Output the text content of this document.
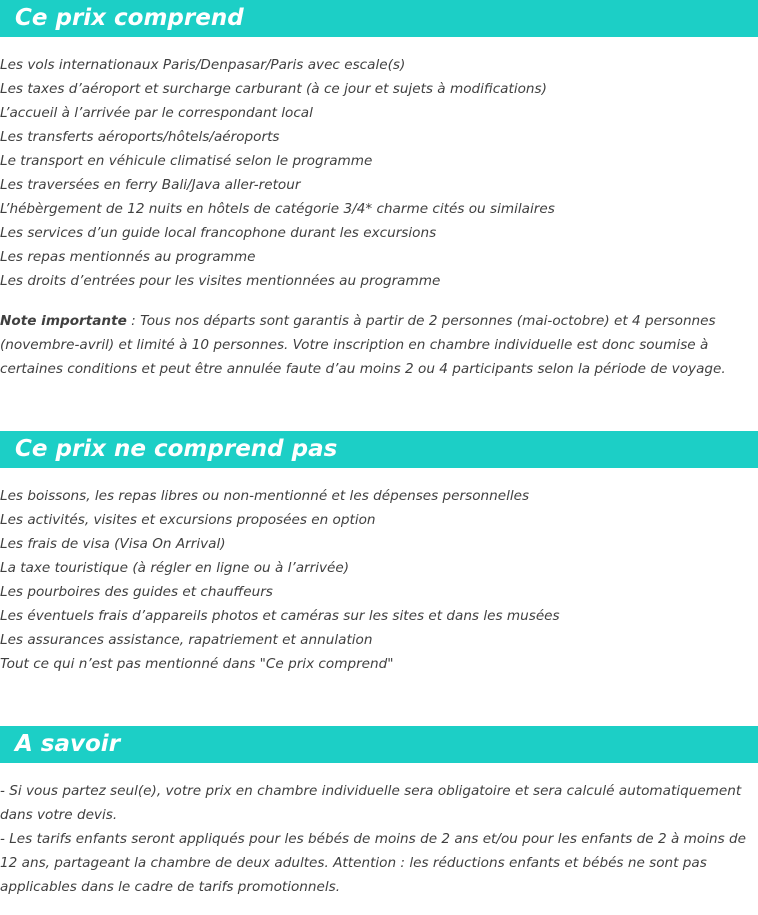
Ce prix comprend
Les vols internationaux Paris/Denpasar/Paris avec escale(s)
Les taxes d’aéroport et surcharge carburant (à ce jour et sujets à modifications)
L’accueil à l’arrivée par le correspondant local
Les transferts aéroports/hôtels/aéroports
Le transport en véhicule climatisé selon le programme
Les traversées en ferry Bali/Java aller-retour
L’hébèrgement de 12 nuits en hôtels de catégorie 3/4* charme cités ou similaires
Les services d’un guide local francophone durant les excursions
Les repas mentionnés au programme
Les droits d’entrées pour les visites mentionnées au programme

Note importante : Tous nos départs sont garantis à partir de 2 personnes (mai-octobre) et 4 personnes (novembre-avril) et limité à 10 personnes. Votre inscription en chambre individuelle est donc soumise à certaines conditions et peut être annulée faute d’au moins 2 ou 4 participants selon la période de voyage.

Ce prix ne comprend pas
Les boissons, les repas libres ou non-mentionné et les dépenses personnelles
Les activités, visites et excursions proposées en option
Les frais de visa (Visa On Arrival)
La taxe touristique (à régler en ligne ou à l’arrivée)
Les pourboires des guides et chauffeurs
Les éventuels frais d’appareils photos et caméras sur les sites et dans les musées
Les assurances assistance, rapatriement et annulation
Tout ce qui n’est pas mentionné dans "Ce prix comprend"
A savoir

- Si vous partez seul(e), votre prix en chambre individuelle sera obligatoire et sera calculé automatiquement dans votre devis.

- Les tarifs enfants seront appliqués pour les bébés de moins de 2 ans et/ou pour les enfants de 2 à moins de 12 ans, partageant la chambre de deux adultes. Attention : les réductions enfants et bébés ne sont pas applicables dans le cadre de tarifs promotionnels.
